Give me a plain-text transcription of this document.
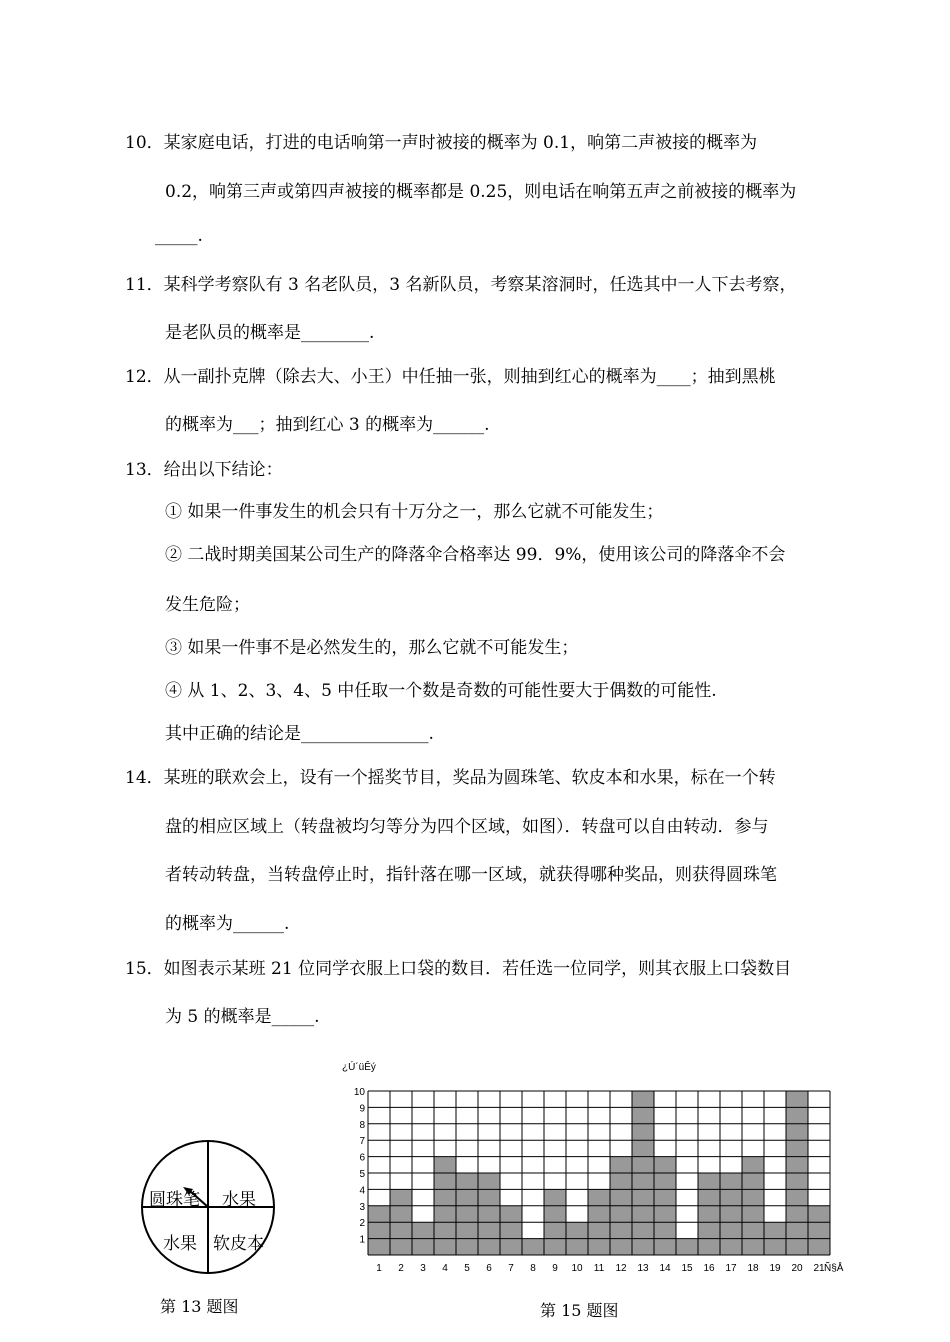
10．某家庭电话，打进的电话响第一声时被接的概率为 0.1，响第二声被接的概率为
0.2，响第三声或第四声被接的概率都是 0.25，则电话在响第五声之前被接的概率为
_____.
11．某科学考察队有 3 名老队员，3 名新队员，考察某溶洞时，任选其中一人下去考察，
是老队员的概率是________.
12．从一副扑克牌（除去大、小王）中任抽一张，则抽到红心的概率为____；抽到黑桃
的概率为___；抽到红心 3 的概率为______.
13．给出以下结论：
① 如果一件事发生的机会只有十万分之一，那么它就不可能发生；
② 二战时期美国某公司生产的降落伞合格率达 99．9%，使用该公司的降落伞不会
发生危险；
③ 如果一件事不是必然发生的，那么它就不可能发生；
④ 从 1、2、3、4、5 中任取一个数是奇数的可能性要大于偶数的可能性.
其中正确的结论是_______________.
14．某班的联欢会上，设有一个摇奖节目，奖品为圆珠笔、软皮本和水果，标在一个转
盘的相应区域上（转盘被均匀等分为四个区域，如图）．转盘可以自由转动．参与
者转动转盘，当转盘停止时，指针落在哪一区域，就获得哪种奖品，则获得圆珠笔
的概率为______.
15．如图表示某班 21 位同学衣服上口袋的数目．若任选一位同学，则其衣服上口袋数目
为 5 的概率是_____.
圆珠笔 水果
水果 软皮本
第 13 题图
1
2
3
4
5
6
7
8
9
10
1 2 3 4 5 6 7 8 9 10 11 12 13 14 15 16 17 18 19 20 21 Ñ§Å
¿Ú´üÊý
第 15 题图
